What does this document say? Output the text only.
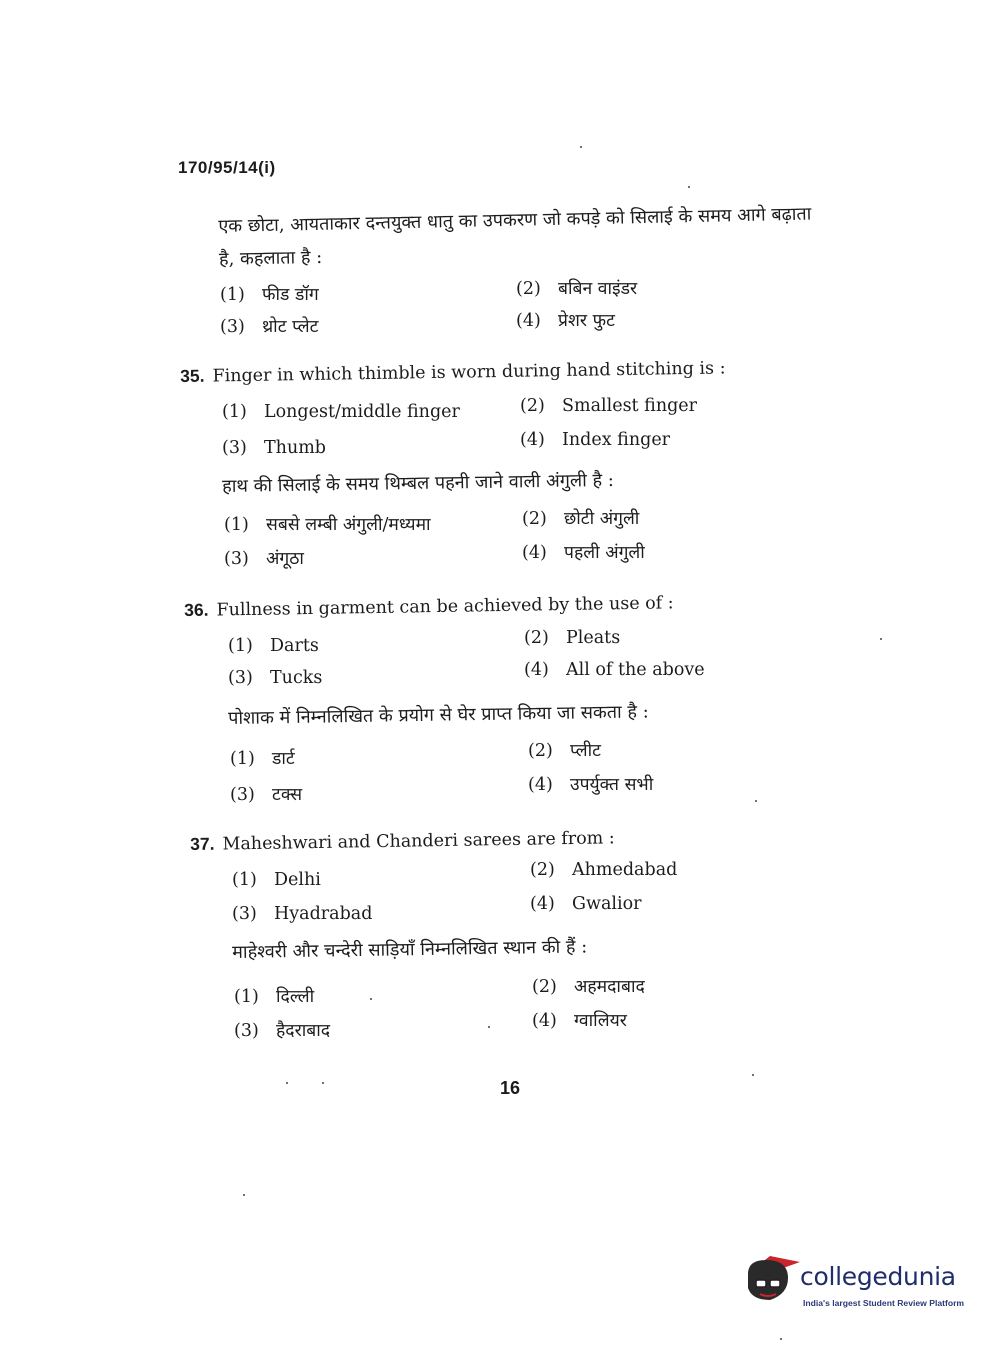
170/95/14(i)
एक छोटा, आयताकार दन्तयुक्त धातु का उपकरण जो कपड़े को सिलाई के समय आगे बढ़ाता है, कहलाता है :
(1) फीड डॉग	(2) बबिन वाइंडर
(3) थ्रोट प्लेट	(4) प्रेशर फुट
35. Finger in which thimble is worn during hand stitching is :
(1) Longest/middle finger	(2) Smallest finger
(3) Thumb	(4) Index finger
हाथ की सिलाई के समय थिम्बल पहनी जाने वाली अंगुली है :
(1) सबसे लम्बी अंगुली/मध्यमा	(2) छोटी अंगुली
(3) अंगूठा	(4) पहली अंगुली
36. Fullness in garment can be achieved by the use of :
(1) Darts	(2) Pleats
(3) Tucks	(4) All of the above
पोशाक में निम्नलिखित के प्रयोग से घेर प्राप्त किया जा सकता है :
(1) डार्ट	(2) प्लीट
(3) टक्स	(4) उपर्युक्त सभी
37. Maheshwari and Chanderi sarees are from :
(1) Delhi	(2) Ahmedabad
(3) Hyadrabad	(4) Gwalior
माहेश्वरी और चन्देरी साड़ियाँ निम्नलिखित स्थान की हैं :
(1) दिल्ली	(2) अहमदाबाद
(3) हैदराबाद	(4) ग्वालियर
16
collegedunia
India's largest Student Review Platform
